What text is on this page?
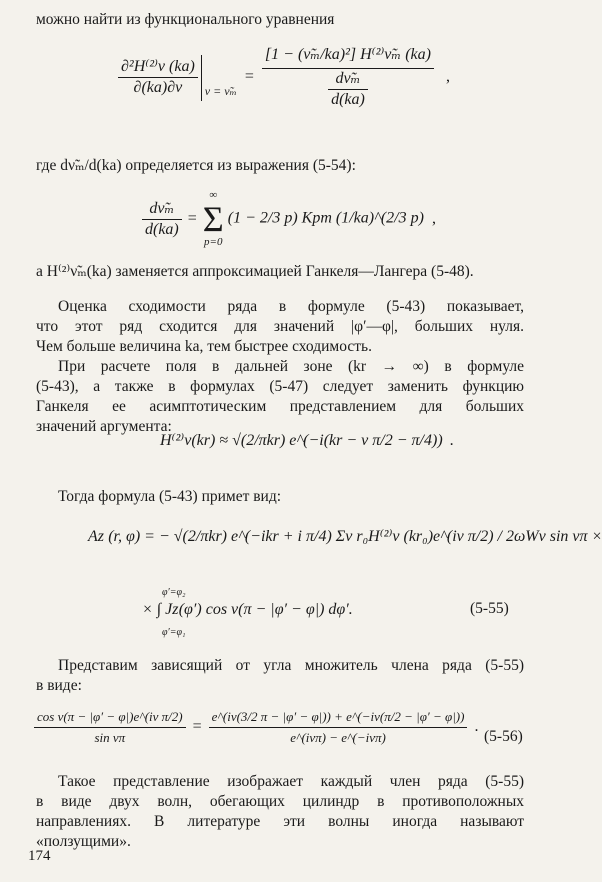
можно найти из функционального уравнения
$\frac{\text{∂²H⁽²⁾ν (ka)}}{\partial(ka)\partial\nu} _{\nu = \nũ_m} = \frac{\text{[1 − (ν̃ₘ/ka)²] H⁽²⁾ν̃ₘ (ka)}}{\frac{\text{dν̃ₘ}}{d(ka)}}$ ,
где dν̃ₘ/d(ka) определяется из выражения (5-54):
$\frac{\text{dν̃ₘ}}{d(ka)}$ =
∞
Σ
p=0
(1 − 2/3 p) Kpm (1/ka)^(2/3 p) ,
а H⁽²⁾ν̃ₘ(ka) заменяется аппроксимацией Ганкеля—Лангера (5-48).
Оценка сходимости ряда в формуле (5-43) показывает,
что этот ряд сходится для значений |φ′—φ|, больших нуля.
Чем больше величина ka, тем быстрее сходимость.
При расчете поля в дальней зоне (kr → ∞) в формуле
(5-43), а также в формулах (5-47) следует заменить функцию
Ганкеля ее асимптотическим представлением для больших
значений аргумента:
H⁽²⁾ν(kr) ≈ √(2/πkr) e^(−i(kr − ν π/2 − π/4)) .
Тогда формула (5-43) примет вид:
Aᴢ (r, φ) = − √(2/πkr) e^(−ikr + i π/4) Σν r₀H⁽²⁾ν (kr₀)e^(iν π/2) / 2ωWν sin νπ ×
φ′=φ₂
φ′=φ₁
× ∫ Jᴢ(φ′) cos ν(π − |φ′ − φ|) dφ′.	(5-55)
Представим зависящий от угла множитель члена ряда (5-55)
в виде:
$\frac{\text{cos ν(π − |φ′ − φ|)e\textasciicircum{}(iν π/2)}}{\text{sin νπ}} = \frac{e\^{}(i\nu(3/2 \pi - |\varphi' - \varphi|)) + e\^{}(-i\nu(\pi/2 - |\varphi' - \varphi|))}{\text{e\textasciicircum{}(iνπ) − e\textasciicircum{}(−iνπ)}}$ .
(5-56)
Такое представление изображает каждый член ряда (5-55)
в виде двух волн, обегающих цилиндр в противоположных
направлениях. В литературе эти волны иногда называют
«ползущими».
174
